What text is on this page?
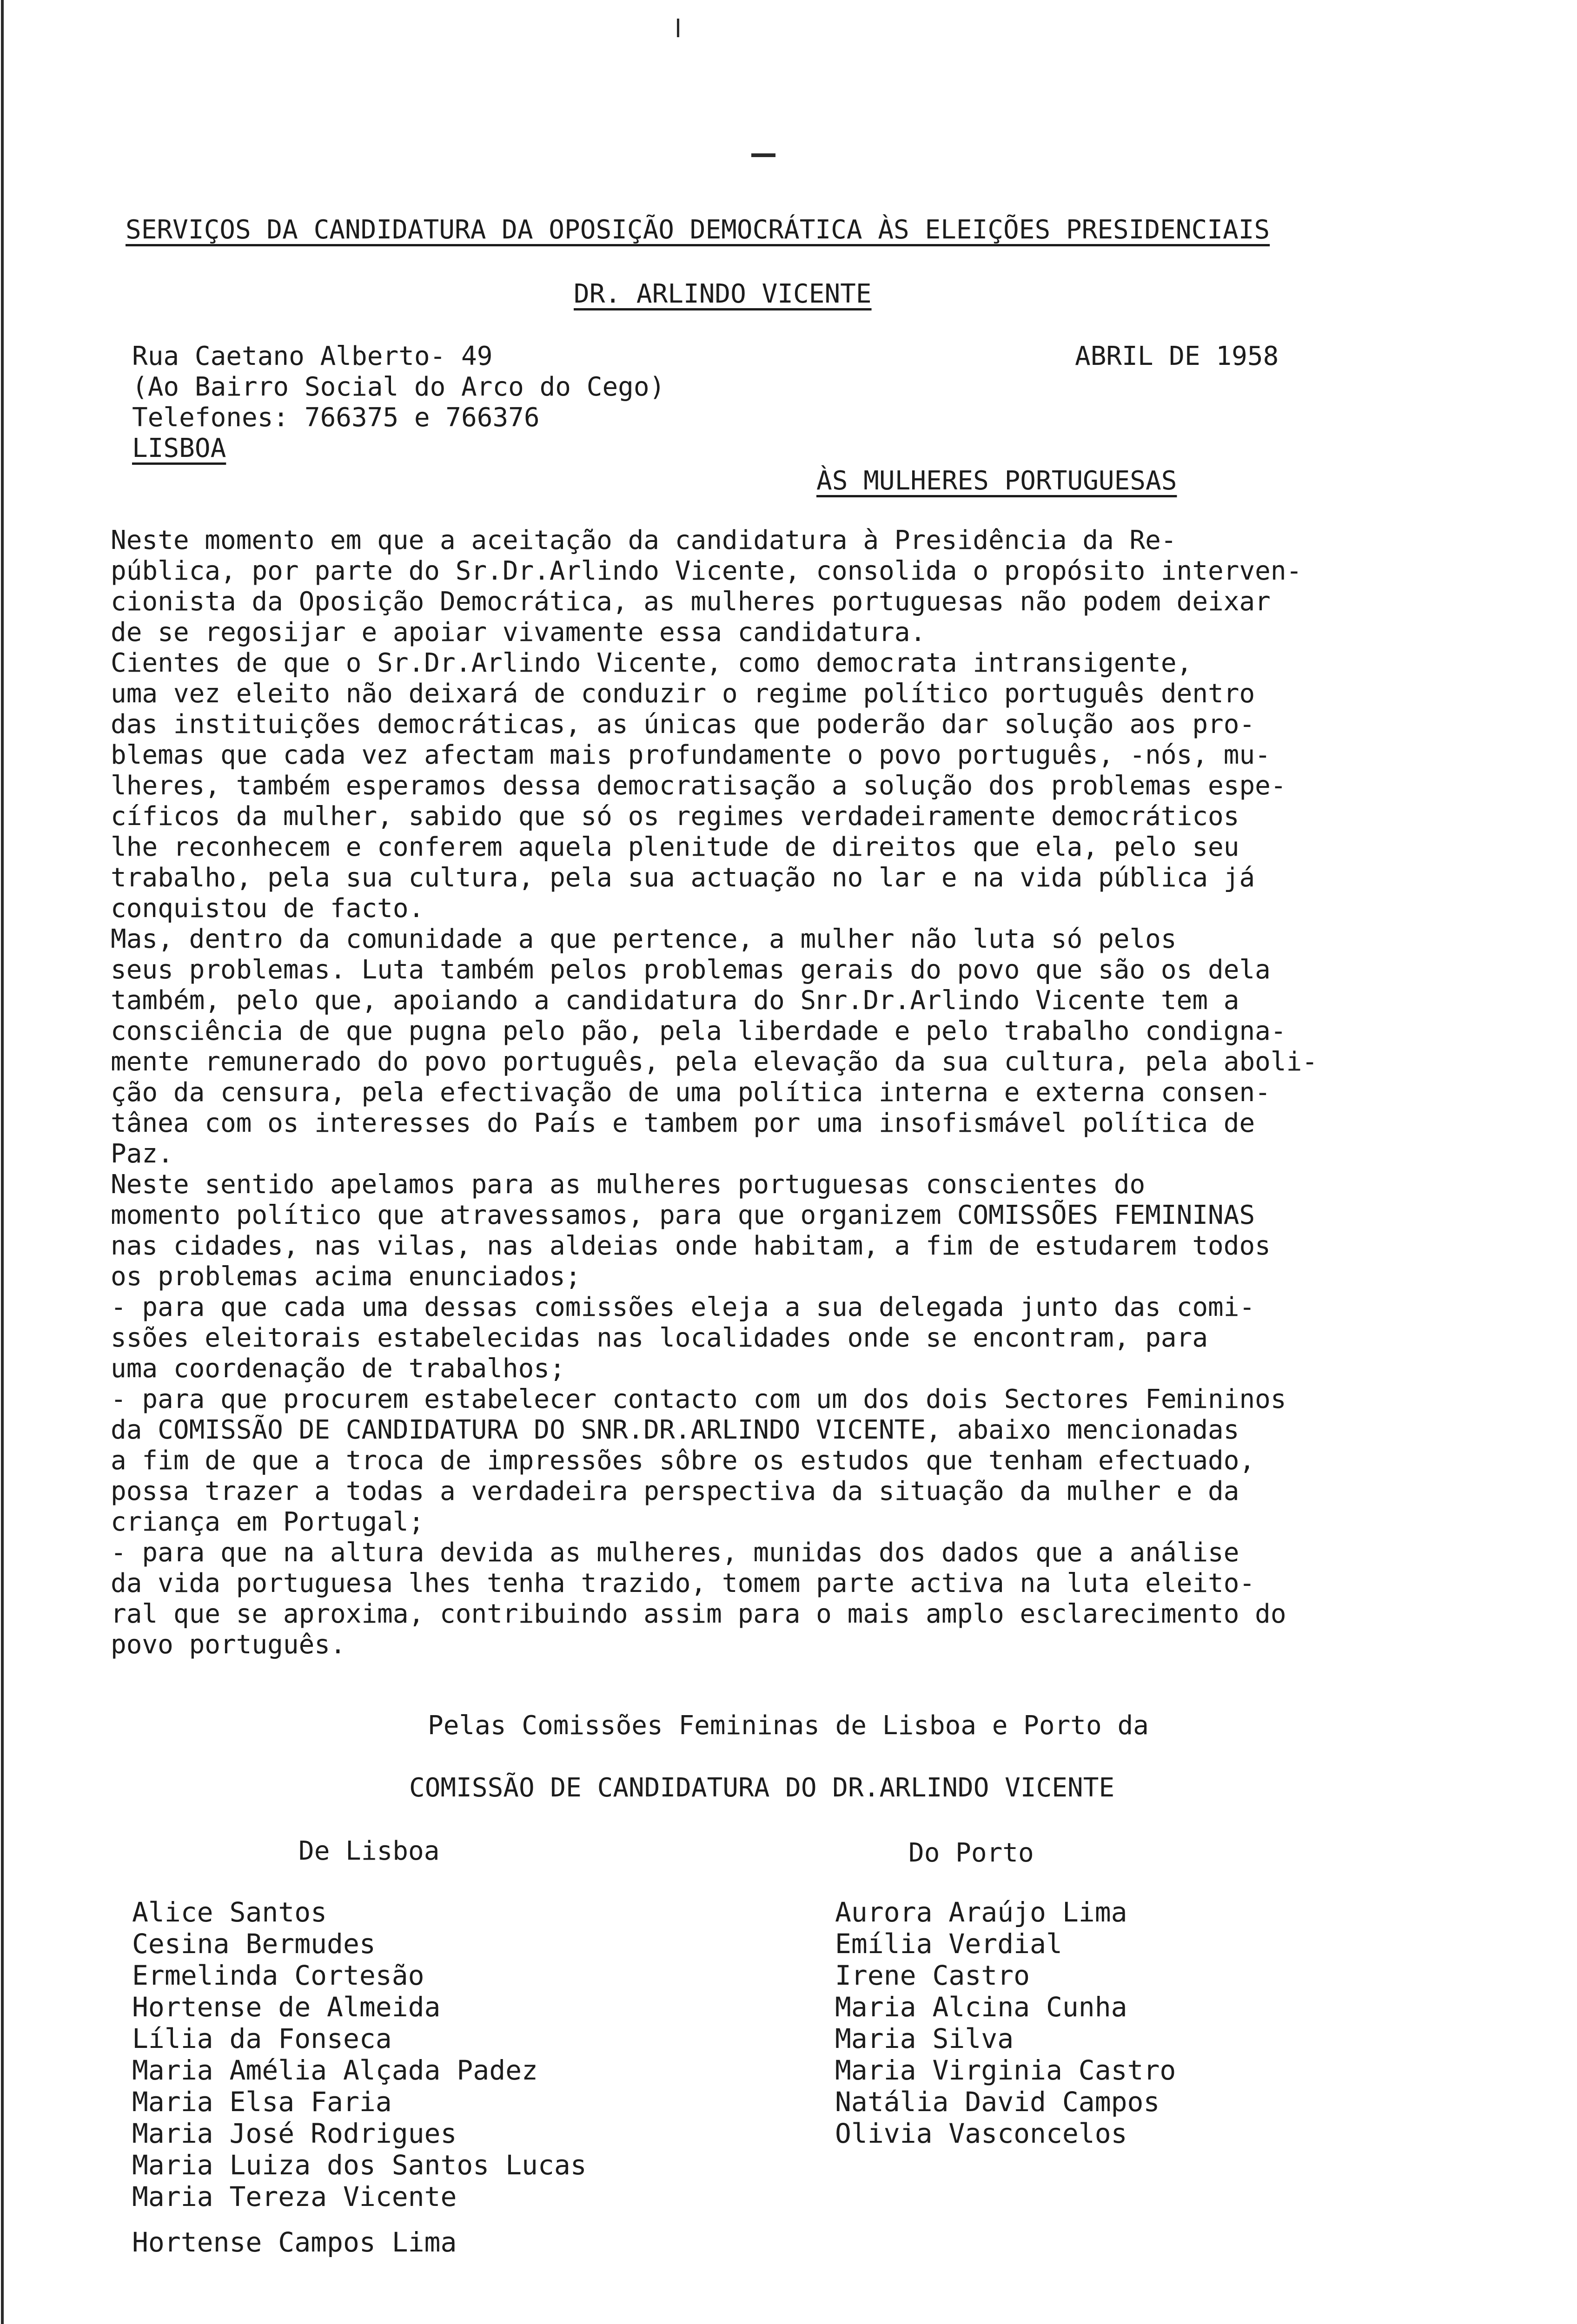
SERVIÇOS DA CANDIDATURA DA OPOSIÇÃO DEMOCRÁTICA ÀS ELEIÇÕES PRESIDENCIAIS
DR. ARLINDO VICENTE
Rua Caetano Alberto- 49
(Ao Bairro Social do Arco do Cego)
Telefones: 766375 e 766376
LISBOA
ABRIL DE 1958
ÀS MULHERES PORTUGUESAS
Neste momento em que a aceitação da candidatura à Presidência da Re-
pública, por parte do Sr.Dr.Arlindo Vicente, consolida o propósito interven-
cionista da Oposição Democrática, as mulheres portuguesas não podem deixar
de se regosijar e apoiar vivamente essa candidatura.
Cientes de que o Sr.Dr.Arlindo Vicente, como democrata intransigente,
uma vez eleito não deixará de conduzir o regime político português dentro
das instituições democráticas, as únicas que poderão dar solução aos pro-
blemas que cada vez afectam mais profundamente o povo português, -nós, mu-
lheres, também esperamos dessa democratisação a solução dos problemas espe-
cíficos da mulher, sabido que só os regimes verdadeiramente democráticos
lhe reconhecem e conferem aquela plenitude de direitos que ela, pelo seu
trabalho, pela sua cultura, pela sua actuação no lar e na vida pública já
conquistou de facto.
Mas, dentro da comunidade a que pertence, a mulher não luta só pelos
seus problemas. Luta também pelos problemas gerais do povo que são os dela
também, pelo que, apoiando a candidatura do Snr.Dr.Arlindo Vicente tem a
consciência de que pugna pelo pão, pela liberdade e pelo trabalho condigna-
mente remunerado do povo português, pela elevação da sua cultura, pela aboli-
ção da censura, pela efectivação de uma política interna e externa consen-
tânea com os interesses do País e tambem por uma insofismável política de
Paz.
Neste sentido apelamos para as mulheres portuguesas conscientes do
momento político que atravessamos, para que organizem COMISSÕES FEMININAS
nas cidades, nas vilas, nas aldeias onde habitam, a fim de estudarem todos
os problemas acima enunciados;
- para que cada uma dessas comissões eleja a sua delegada junto das comi-
ssões eleitorais estabelecidas nas localidades onde se encontram, para
uma coordenação de trabalhos;
- para que procurem estabelecer contacto com um dos dois Sectores Femininos
da COMISSÃO DE CANDIDATURA DO SNR.DR.ARLINDO VICENTE, abaixo mencionadas
a fim de que a troca de impressões sôbre os estudos que tenham efectuado,
possa trazer a todas a verdadeira perspectiva da situação da mulher e da
criança em Portugal;
- para que na altura devida as mulheres, munidas dos dados que a análise
da vida portuguesa lhes tenha trazido, tomem parte activa na luta eleito-
ral que se aproxima, contribuindo assim para o mais amplo esclarecimento do
povo português.
Pelas Comissões Femininas de Lisboa e Porto da
COMISSÃO DE CANDIDATURA DO DR.ARLINDO VICENTE
De Lisboa
Alice Santos
Cesina Bermudes
Ermelinda Cortesão
Hortense de Almeida
Lília da Fonseca
Maria Amélia Alçada Padez
Maria Elsa Faria
Maria José Rodrigues
Maria Luiza dos Santos Lucas
Maria Tereza Vicente
Hortense Campos Lima
Do Porto
Aurora Araújo Lima
Emília Verdial
Irene Castro
Maria Alcina Cunha
Maria Silva
Maria Virginia Castro
Natália David Campos
Olivia Vasconcelos
